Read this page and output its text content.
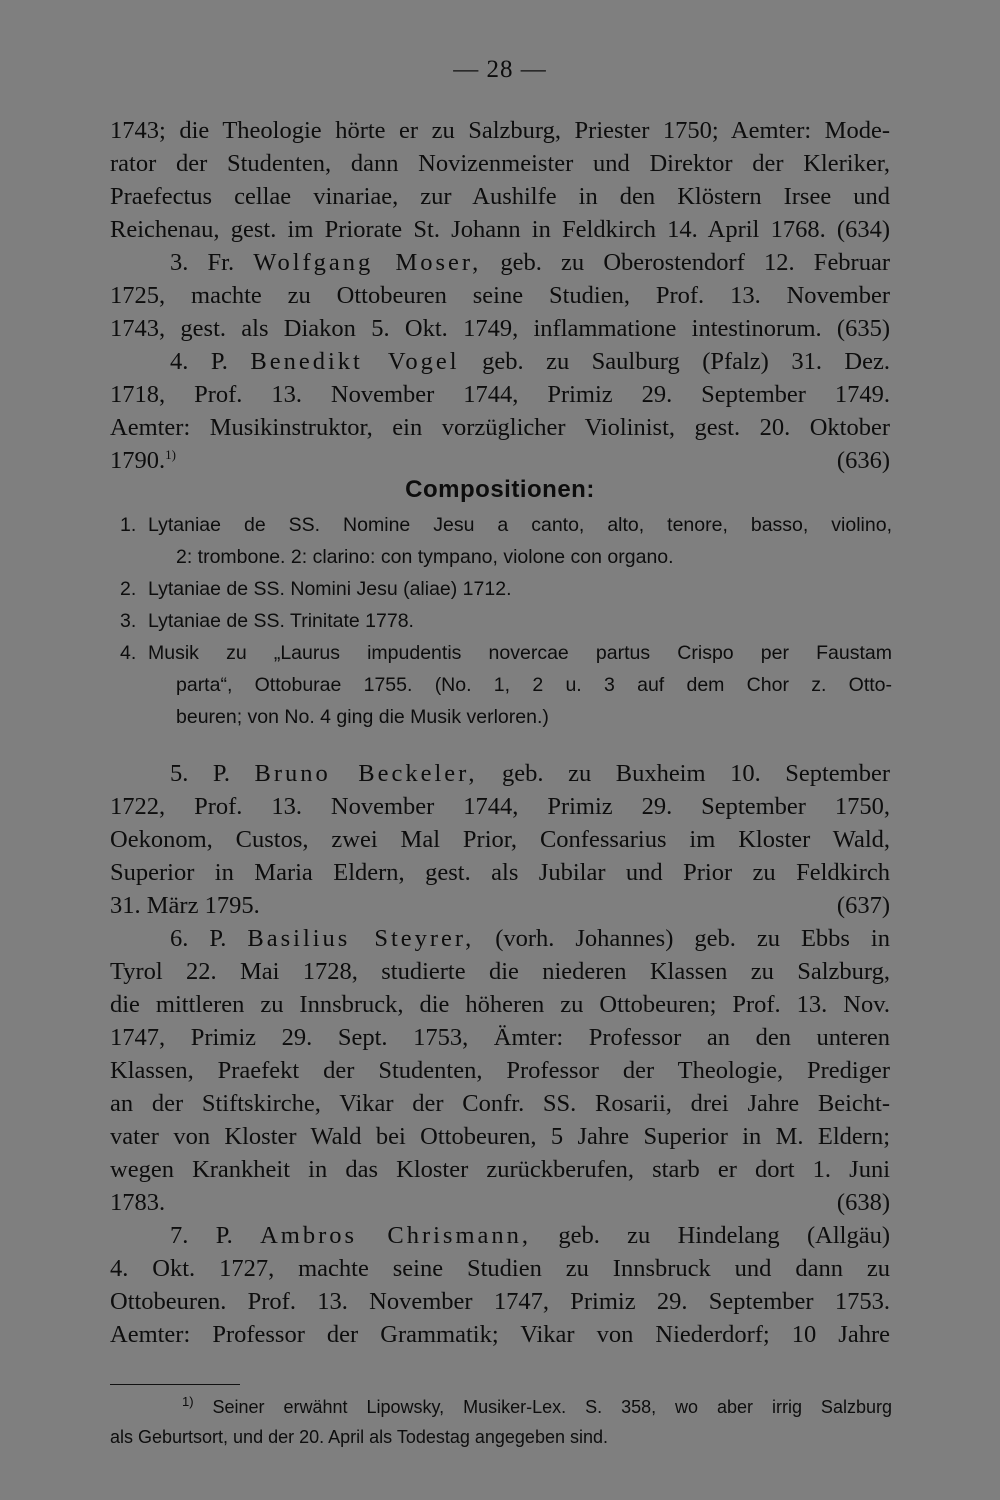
— 28 —
1743; die Theologie hörte er zu Salzburg, Priester 1750; Aemter: Mode-
rator der Studenten, dann Novizenmeister und Direktor der Kleriker,
Praefectus cellae vinariae, zur Aushilfe in den Klöstern Irsee und
Reichenau, gest. im Priorate St. Johann in Feldkirch 14. April 1768. (634)
3. Fr. Wolfgang Moser, geb. zu Oberostendorf 12. Februar
1725, machte zu Ottobeuren seine Studien, Prof. 13. November
1743, gest. als Diakon 5. Okt. 1749, inflammatione intestinorum. (635)
4. P. Benedikt Vogel geb. zu Saulburg (Pfalz) 31. Dez.
1718, Prof. 13. November 1744, Primiz 29. September 1749.
Aemter: Musikinstruktor, ein vorzüglicher Violinist, gest. 20. Oktober
1790.$^{1)}$	(636)
Compositionen:
1. Lytaniae de SS. Nomine Jesu a canto, alto, tenore, basso, violino,
2: trombone. 2: clarino: con tympano, violone con organo.
2. Lytaniae de SS. Nomini Jesu (aliae) 1712.
3. Lytaniae de SS. Trinitate 1778.
4. Musik zu „Laurus impudentis novercae partus Crispo per Faustam
parta“, Ottoburae 1755. (No. 1, 2 u. 3 auf dem Chor z. Otto-
beuren; von No. 4 ging die Musik verloren.)
5. P. Bruno Beckeler, geb. zu Buxheim 10. September
1722, Prof. 13. November 1744, Primiz 29. September 1750,
Oekonom, Custos, zwei Mal Prior, Confessarius im Kloster Wald,
Superior in Maria Eldern, gest. als Jubilar und Prior zu Feldkirch
31. März 1795.	(637)
6. P. Basilius Steyrer, (vorh. Johannes) geb. zu Ebbs in
Tyrol 22. Mai 1728, studierte die niederen Klassen zu Salzburg,
die mittleren zu Innsbruck, die höheren zu Ottobeuren; Prof. 13. Nov.
1747, Primiz 29. Sept. 1753, Ämter: Professor an den unteren
Klassen, Praefekt der Studenten, Professor der Theologie, Prediger
an der Stiftskirche, Vikar der Confr. SS. Rosarii, drei Jahre Beicht-
vater von Kloster Wald bei Ottobeuren, 5 Jahre Superior in M. Eldern;
wegen Krankheit in das Kloster zurückberufen, starb er dort 1. Juni
1783.	(638)
7. P. Ambros Chrismann, geb. zu Hindelang (Allgäu)
4. Okt. 1727, machte seine Studien zu Innsbruck und dann zu
Ottobeuren. Prof. 13. November 1747, Primiz 29. September 1753.
Aemter: Professor der Grammatik; Vikar von Niederdorf; 10 Jahre
$^{1)}$ Seiner erwähnt Lipowsky, Musiker-Lex. S. 358, wo aber irrig Salzburg
als Geburtsort, und der 20. April als Todestag angegeben sind.
